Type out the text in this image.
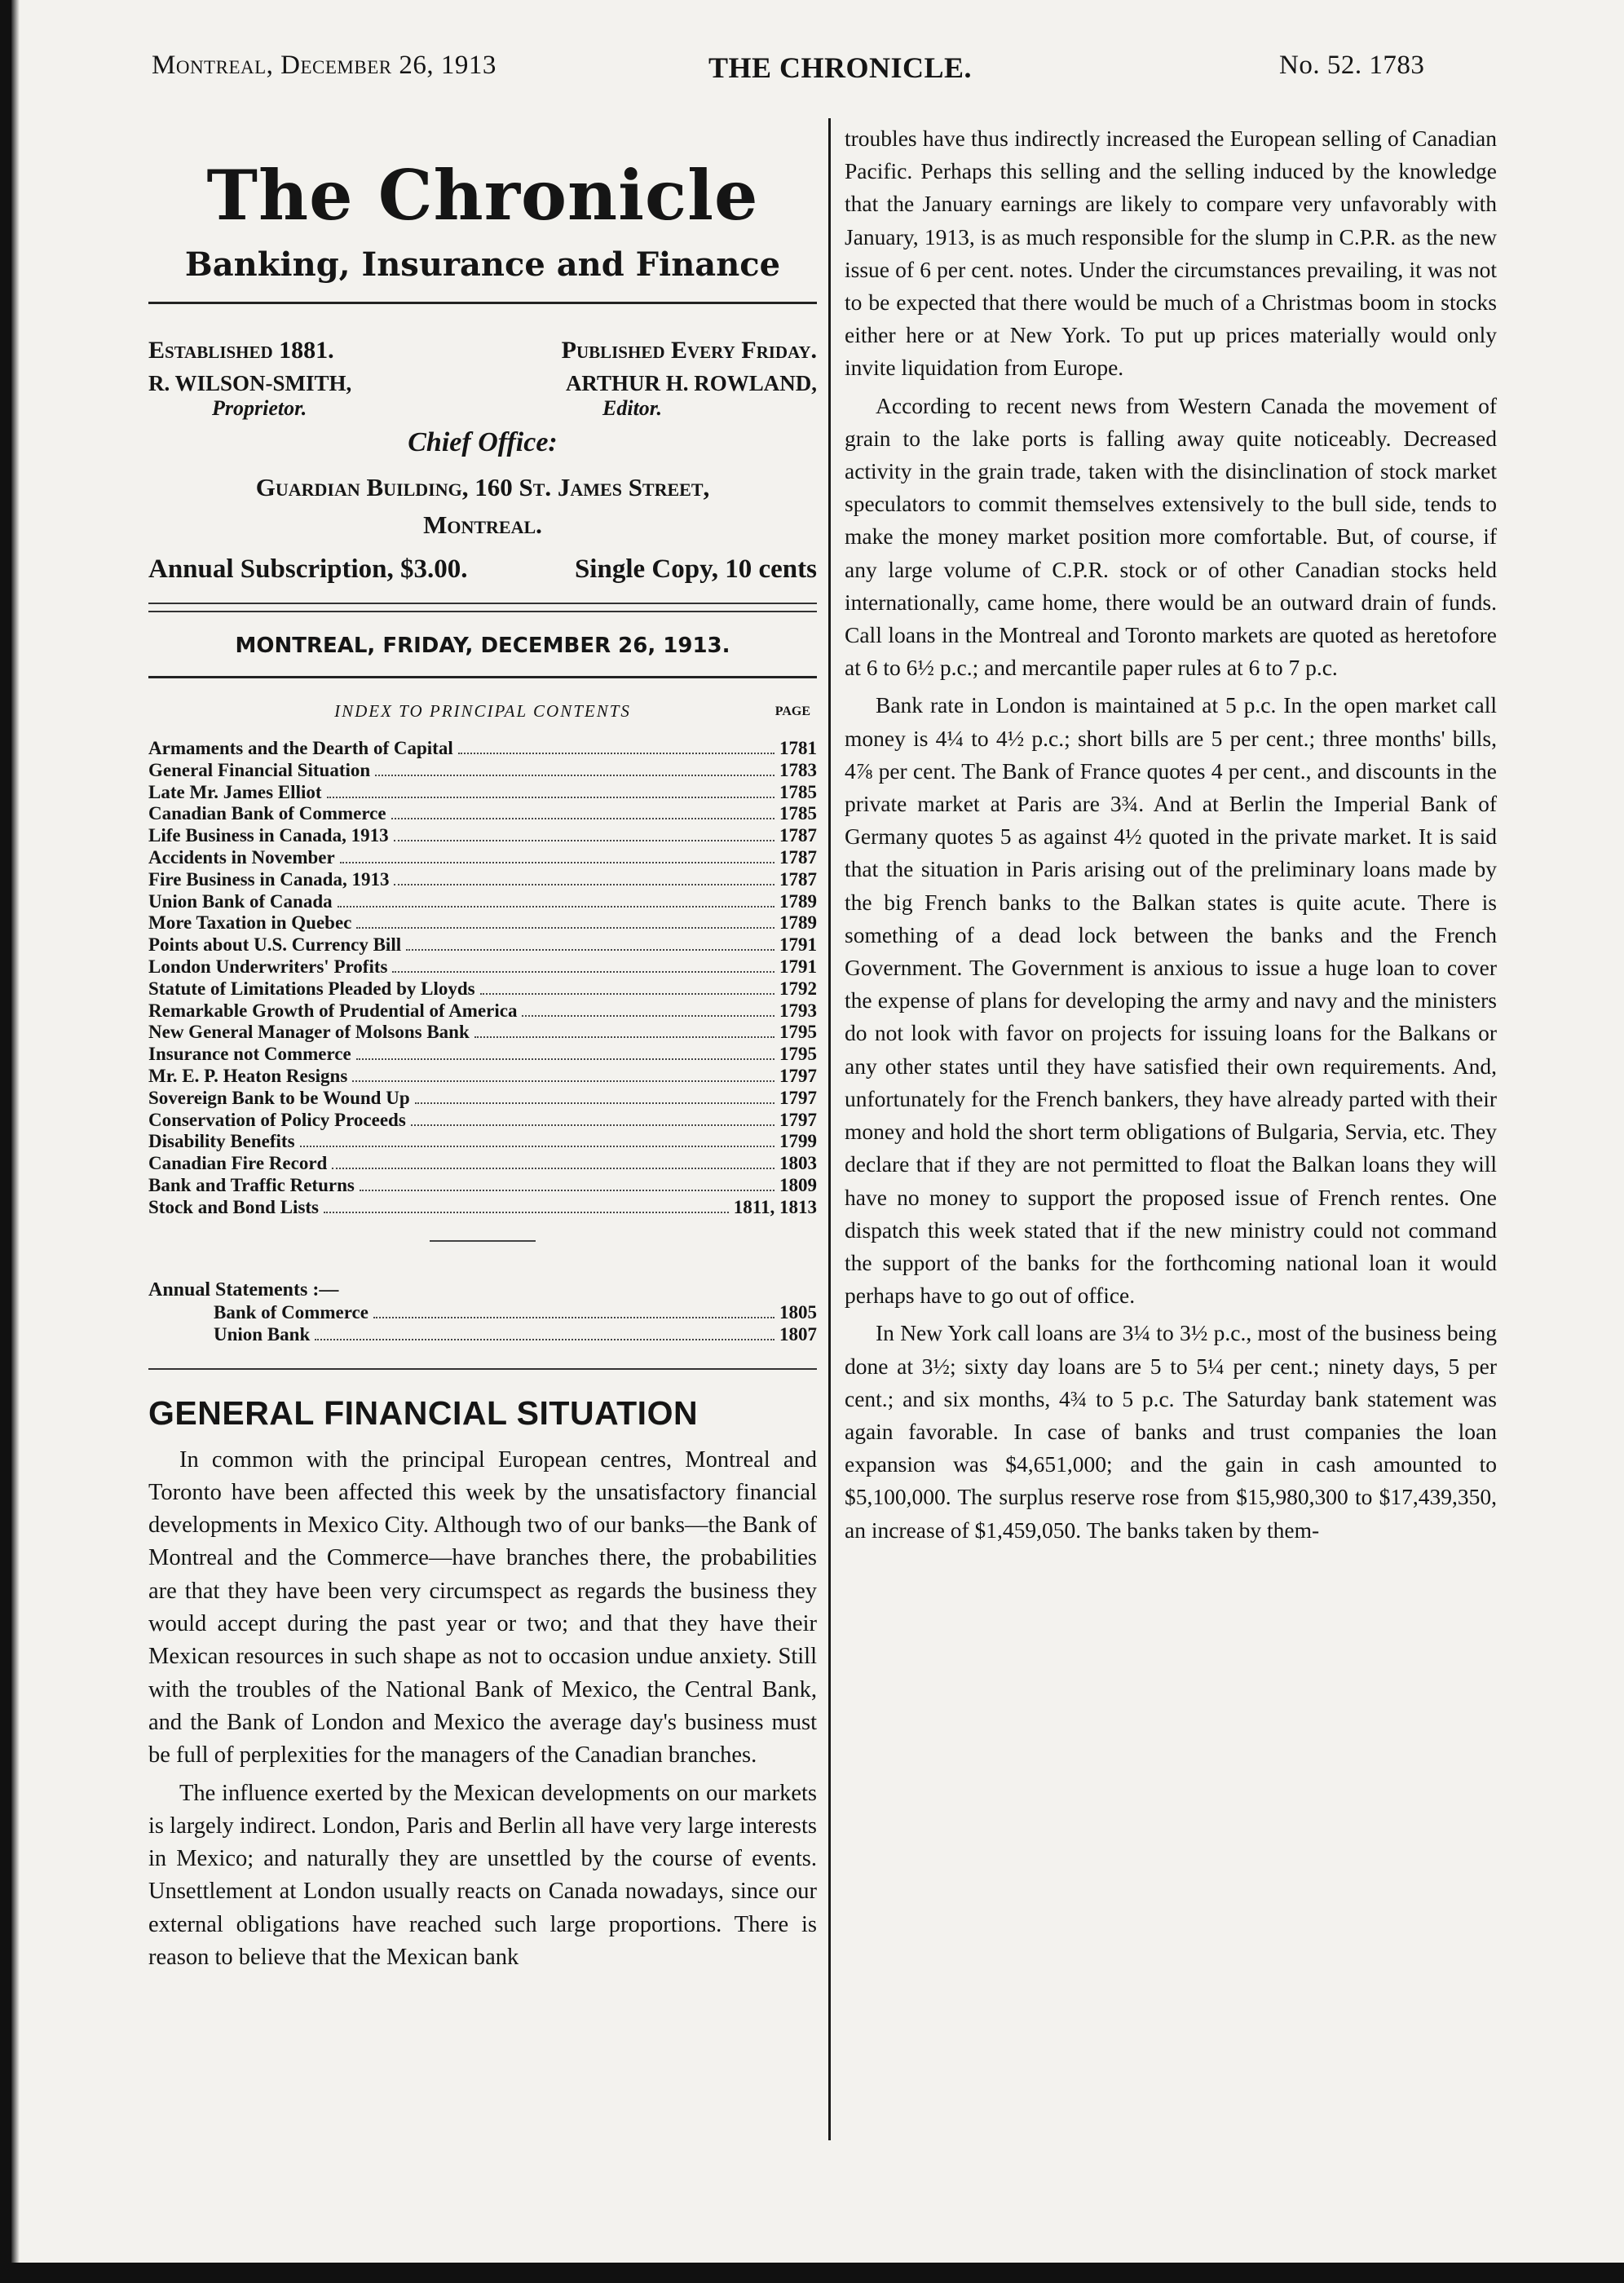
Montreal, December 26, 1913	THE CHRONICLE.	No. 52. 1783
The Chronicle
Banking, Insurance and Finance
Established 1881.	Published Every Friday.
R. WILSON-SMITH,	ARTHUR H. ROWLAND,
Proprietor.	Editor.
Chief Office:
Guardian Building, 160 St. James Street,
Montreal.
Annual Subscription, $3.00.	Single Copy, 10 cents
MONTREAL, FRIDAY, DECEMBER 26, 1913.
INDEX TO PRINCIPAL CONTENTS	PAGE
Armaments and the Dearth of Capital	1781
General Financial Situation	1783
Late Mr. James Elliot	1785
Canadian Bank of Commerce	1785
Life Business in Canada, 1913	1787
Accidents in November	1787
Fire Business in Canada, 1913	1787
Union Bank of Canada	1789
More Taxation in Quebec	1789
Points about U.S. Currency Bill	1791
London Underwriters' Profits	1791
Statute of Limitations Pleaded by Lloyds	1792
Remarkable Growth of Prudential of America	1793
New General Manager of Molsons Bank	1795
Insurance not Commerce	1795
Mr. E. P. Heaton Resigns	1797
Sovereign Bank to be Wound Up	1797
Conservation of Policy Proceeds	1797
Disability Benefits	1799
Canadian Fire Record	1803
Bank and Traffic Returns	1809
Stock and Bond Lists	1811, 1813
Annual Statements :—
Bank of Commerce	1805
Union Bank	1807
GENERAL FINANCIAL SITUATION

In common with the principal European centres, Montreal and Toronto have been affected this week by the unsatisfactory financial developments in Mexico City. Although two of our banks—the Bank of Montreal and the Commerce—have branches there, the probabilities are that they have been very circumspect as regards the business they would accept during the past year or two; and that they have their Mexican resources in such shape as not to occasion undue anxiety. Still with the troubles of the National Bank of Mexico, the Central Bank, and the Bank of London and Mexico the average day's business must be full of perplexities for the managers of the Canadian branches.

The influence exerted by the Mexican developments on our markets is largely indirect. London, Paris and Berlin all have very large interests in Mexico; and naturally they are unsettled by the course of events. Unsettlement at London usually reacts on Canada nowadays, since our external obligations have reached such large proportions. There is reason to believe that the Mexican bank

troubles have thus indirectly increased the European selling of Canadian Pacific. Perhaps this selling and the selling induced by the knowledge that the January earnings are likely to compare very unfavorably with January, 1913, is as much responsible for the slump in C.P.R. as the new issue of 6 per cent. notes. Under the circumstances prevailing, it was not to be expected that there would be much of a Christmas boom in stocks either here or at New York. To put up prices materially would only invite liquidation from Europe.

According to recent news from Western Canada the movement of grain to the lake ports is falling away quite noticeably. Decreased activity in the grain trade, taken with the disinclination of stock market speculators to commit themselves extensively to the bull side, tends to make the money market position more comfortable. But, of course, if any large volume of C.P.R. stock or of other Canadian stocks held internationally, came home, there would be an outward drain of funds. Call loans in the Montreal and Toronto markets are quoted as heretofore at 6 to 6½ p.c.; and mercantile paper rules at 6 to 7 p.c.

Bank rate in London is maintained at 5 p.c. In the open market call money is 4¼ to 4½ p.c.; short bills are 5 per cent.; three months' bills, 4⅞ per cent. The Bank of France quotes 4 per cent., and discounts in the private market at Paris are 3¾. And at Berlin the Imperial Bank of Germany quotes 5 as against 4½ quoted in the private market. It is said that the situation in Paris arising out of the preliminary loans made by the big French banks to the Balkan states is quite acute. There is something of a dead lock between the banks and the French Government. The Government is anxious to issue a huge loan to cover the expense of plans for developing the army and navy and the ministers do not look with favor on projects for issuing loans for the Balkans or any other states until they have satisfied their own requirements. And, unfortunately for the French bankers, they have already parted with their money and hold the short term obligations of Bulgaria, Servia, etc. They declare that if they are not permitted to float the Balkan loans they will have no money to support the proposed issue of French rentes. One dispatch this week stated that if the new ministry could not command the support of the banks for the forthcoming national loan it would perhaps have to go out of office.

In New York call loans are 3¼ to 3½ p.c., most of the business being done at 3½; sixty day loans are 5 to 5¼ per cent.; ninety days, 5 per cent.; and six months, 4¾ to 5 p.c. The Saturday bank statement was again favorable. In case of banks and trust companies the loan expansion was $4,651,000; and the gain in cash amounted to $5,100,000. The surplus reserve rose from $15,980,300 to $17,439,350, an increase of $1,459,050. The banks taken by them-
